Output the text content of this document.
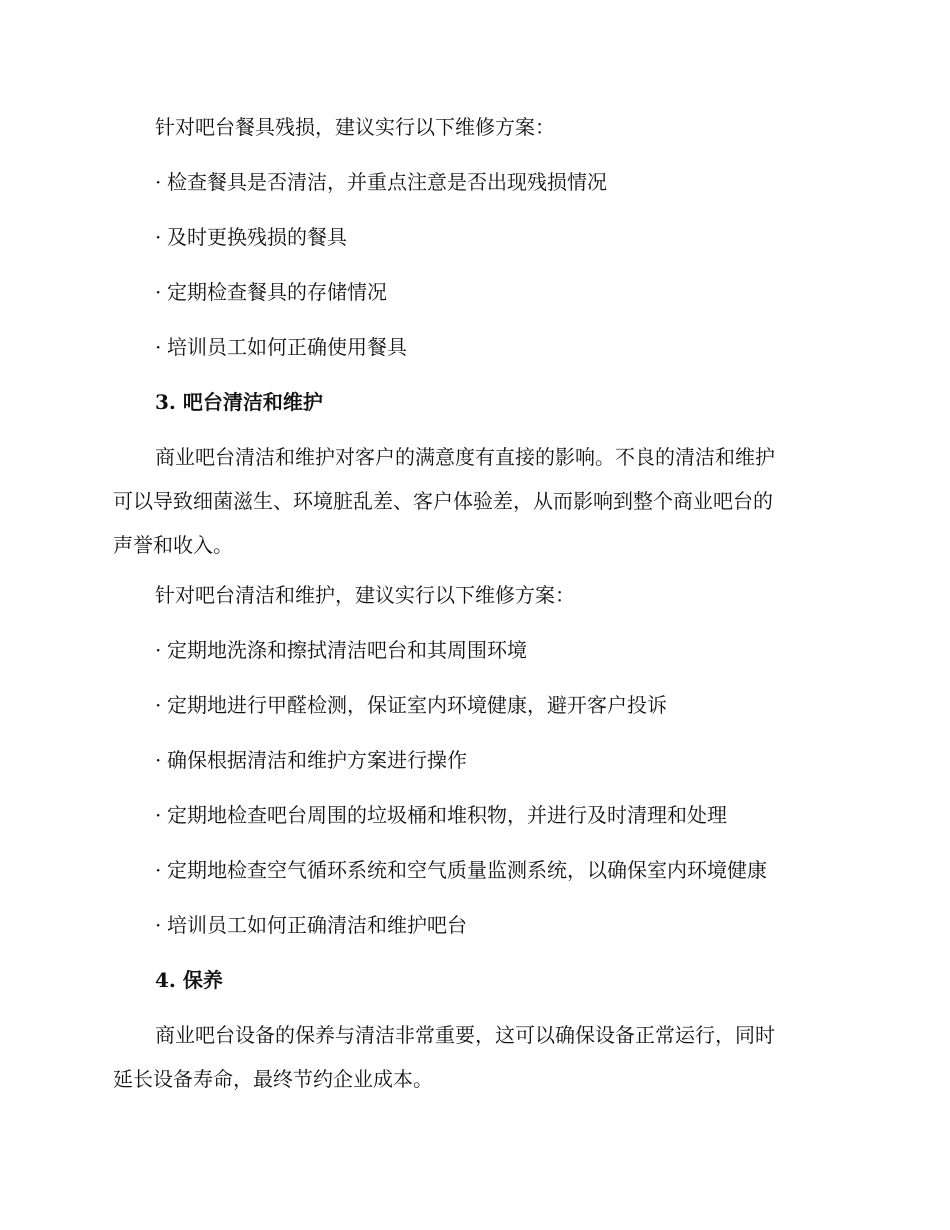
针对吧台餐具残损，建议实行以下维修方案：
· 检查餐具是否清洁，并重点注意是否出现残损情况
· 及时更换残损的餐具
· 定期检查餐具的存储情况
· 培训员工如何正确使用餐具
3. 吧台清洁和维护
商业吧台清洁和维护对客户的满意度有直接的影响。不良的清洁和维护
可以导致细菌滋生、环境脏乱差、客户体验差，从而影响到整个商业吧台的
声誉和收入。
针对吧台清洁和维护，建议实行以下维修方案：
· 定期地洗涤和擦拭清洁吧台和其周围环境
· 定期地进行甲醛检测，保证室内环境健康，避开客户投诉
· 确保根据清洁和维护方案进行操作
· 定期地检查吧台周围的垃圾桶和堆积物，并进行及时清理和处理
· 定期地检查空气循环系统和空气质量监测系统，以确保室内环境健康
· 培训员工如何正确清洁和维护吧台
4. 保养
商业吧台设备的保养与清洁非常重要，这可以确保设备正常运行，同时
延长设备寿命，最终节约企业成本。
